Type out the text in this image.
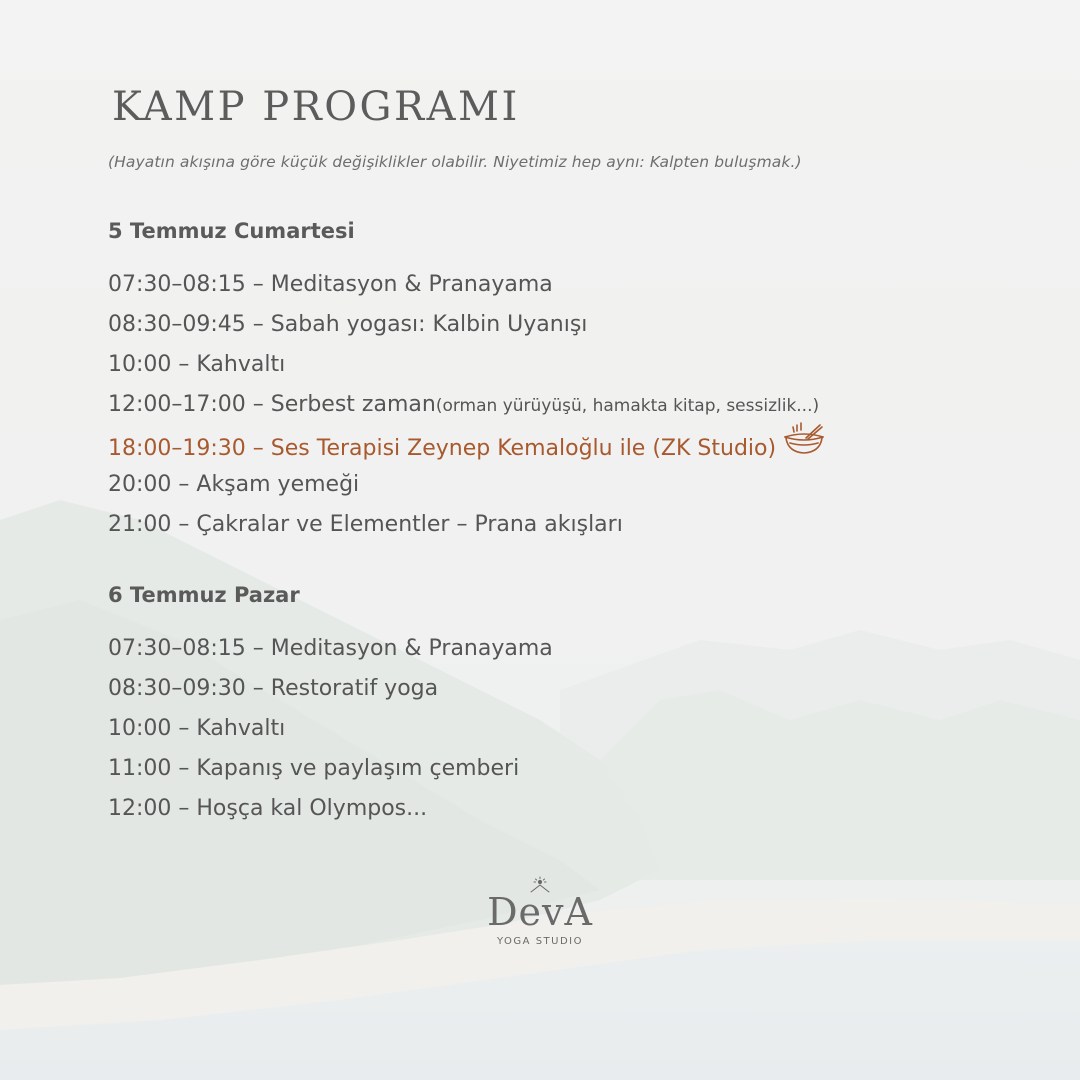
KAMP PROGRAMI
(Hayatın akışına göre küçük değişiklikler olabilir. Niyetimiz hep aynı: Kalpten buluşmak.)
5 Temmuz Cumartesi
07:30–08:15 – Meditasyon & Pranayama
08:30–09:45 – Sabah yogası: Kalbin Uyanışı
10:00 – Kahvaltı
12:00–17:00 – Serbest zaman(orman yürüyüşü, hamakta kitap, sessizlik...)
18:00–19:30 – Ses Terapisi Zeynep Kemaloğlu ile (ZK Studio)
20:00 – Akşam yemeği
21:00 – Çakralar ve Elementler – Prana akışları
6 Temmuz Pazar
07:30–08:15 – Meditasyon & Pranayama
08:30–09:30 – Restoratif yoga
10:00 – Kahvaltı
11:00 – Kapanış ve paylaşım çemberi
12:00 – Hoşça kal Olympos...
DevA
YOGA STUDIO
